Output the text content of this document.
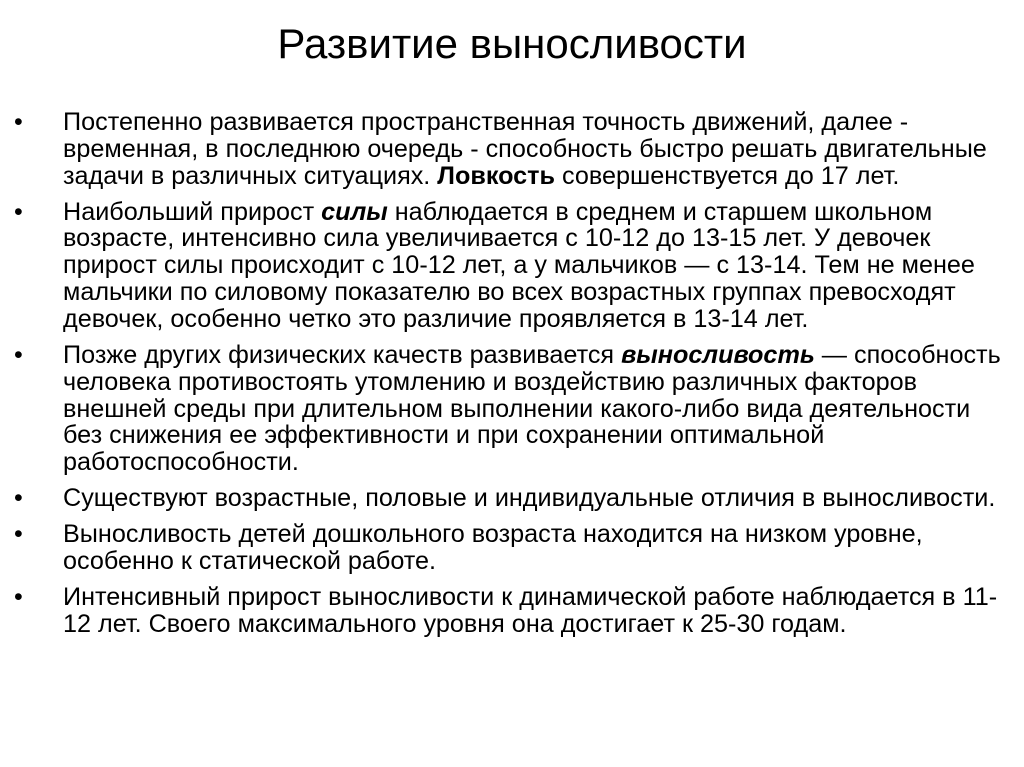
Развитие выносливости
•	Постепенно развивается пространственная точность движений, далее - временная, в последнюю очередь - способность быстро решать двигательные задачи в различных ситуациях. Ловкость совершенствуется до 17 лет.
•	Наибольший прирост силы наблюдается в среднем и старшем школьном возрасте, интенсивно сила увеличивается с 10-12 до 13-15 лет. У девочек прирост силы происходит с 10-12 лет, а у мальчиков — с 13-14. Тем не менее мальчики по силовому показателю во всех возрастных группах превосходят девочек, особенно четко это различие проявляется в 13-14 лет.
•	Позже других физических качеств развивается выносливость — способность человека противостоять утомлению и воздействию различных факторов внешней среды при длительном выполнении какого-либо вида деятельности без снижения ее эффективности и при сохранении оптимальной работоспособности.
•	Существуют возрастные, половые и индивидуальные отличия в выносливости.
•	Выносливость детей дошкольного возраста находится на низком уровне, особенно к статической работе.
•	Интенсивный прирост выносливости к динамической работе наблюдается в 11-12 лет. Своего максимального уровня она достигает к 25-30 годам.
